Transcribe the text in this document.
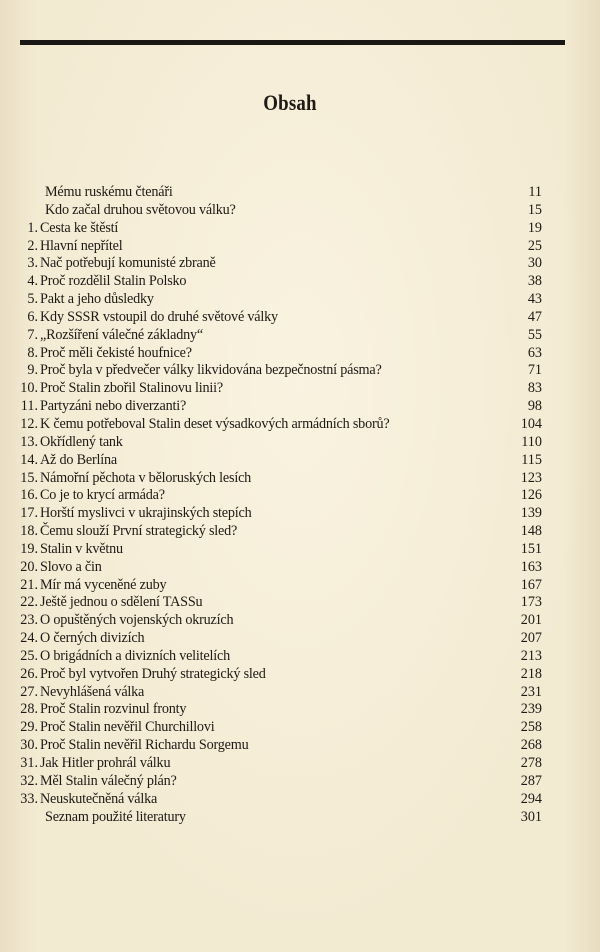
Obsah
Mému ruskému čtenáři	11
Kdo začal druhou světovou válku?	15
1. Cesta ke štěstí	19
2. Hlavní nepřítel	25
3. Nač potřebují komunisté zbraně	30
4. Proč rozdělil Stalin Polsko	38
5. Pakt a jeho důsledky	43
6. Kdy SSSR vstoupil do druhé světové války	47
7. „Rozšíření válečné základny“	55
8. Proč měli čekisté houfnice?	63
9. Proč byla v předvečer války likvidována bezpečnostní pásma?	71
10. Proč Stalin zbořil Stalinovu linii?	83
11. Partyzáni nebo diverzanti?	98
12. K čemu potřeboval Stalin deset výsadkových armádních sborů?	104
13. Okřídlený tank	110
14. Až do Berlína	115
15. Námořní pěchota v běloruských lesích	123
16. Co je to krycí armáda?	126
17. Horští myslivci v ukrajinských stepích	139
18. Čemu slouží První strategický sled?	148
19. Stalin v květnu	151
20. Slovo a čin	163
21. Mír má vyceněné zuby	167
22. Ještě jednou o sdělení TASSu	173
23. O opuštěných vojenských okruzích	201
24. O černých divizích	207
25. O brigádních a divizních velitelích	213
26. Proč byl vytvořen Druhý strategický sled	218
27. Nevyhlášená válka	231
28. Proč Stalin rozvinul fronty	239
29. Proč Stalin nevěřil Churchillovi	258
30. Proč Stalin nevěřil Richardu Sorgemu	268
31. Jak Hitler prohrál válku	278
32. Měl Stalin válečný plán?	287
33. Neuskutečněná válka	294
Seznam použité literatury	301
